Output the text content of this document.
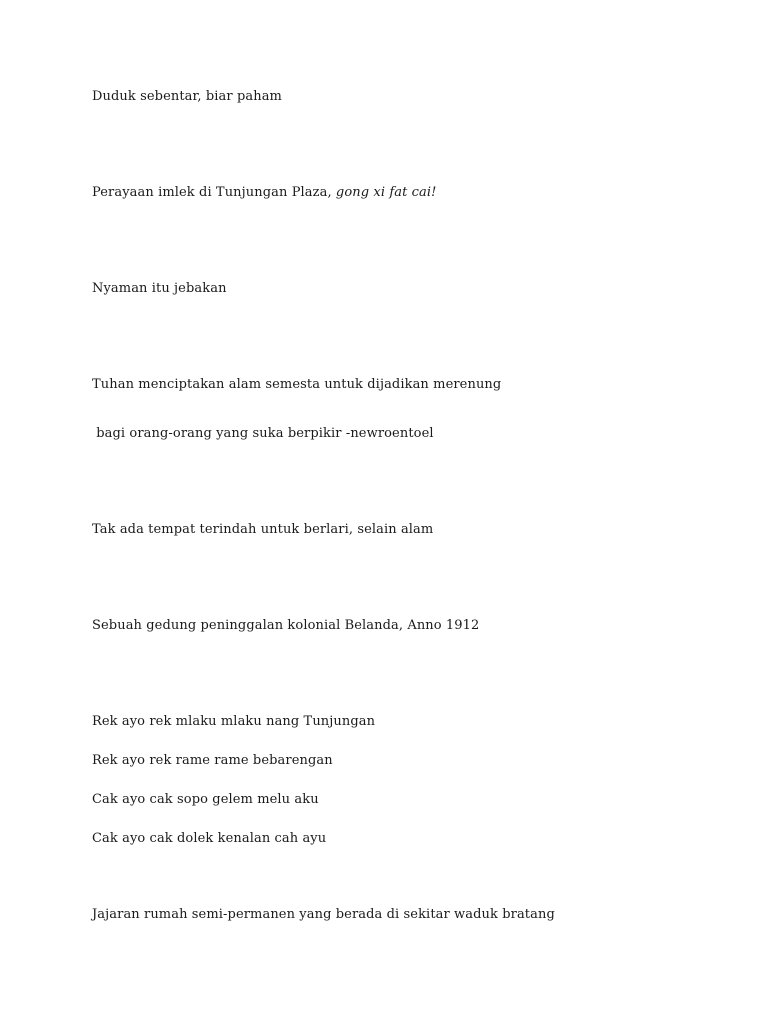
Duduk sebentar, biar paham
Perayaan imlek di Tunjungan Plaza, gong xi fat cai!
Nyaman itu jebakan
Tuhan menciptakan alam semesta untuk dijadikan merenung
bagi orang-orang yang suka berpikir -newroentoel
Tak ada tempat terindah untuk berlari, selain alam
Sebuah gedung peninggalan kolonial Belanda, Anno 1912
Rek ayo rek mlaku mlaku nang Tunjungan
Rek ayo rek rame rame bebarengan
Cak ayo cak sopo gelem melu aku
Cak ayo cak dolek kenalan cah ayu
Jajaran rumah semi-permanen yang berada di sekitar waduk bratang
